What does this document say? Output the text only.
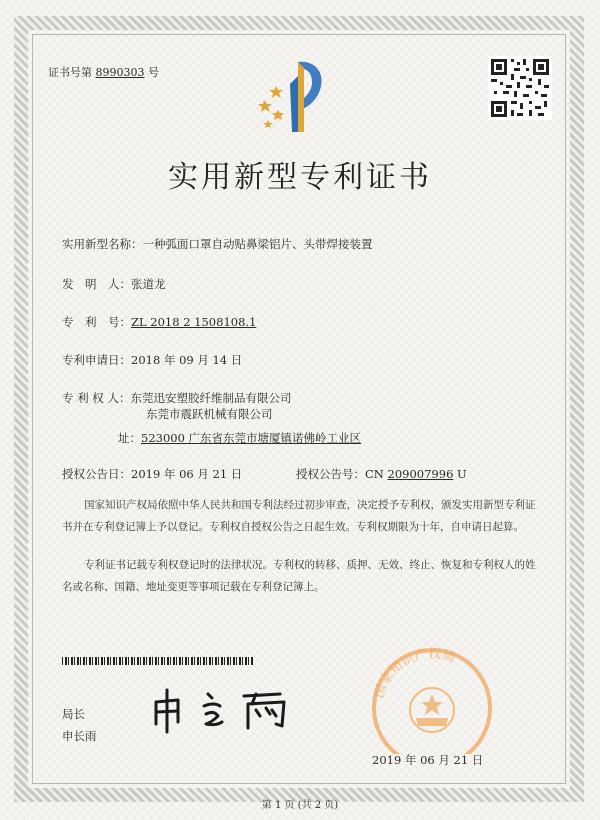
证书号第 8990303 号
实用新型专利证书
实用新型名称：一种弧面口罩自动贴鼻梁铝片、头带焊接装置
发　明　人：张道龙
专　利　号：ZL 2018 2 1508108.1
专利申请日：2018 年 09 月 14 日
专 利 权 人：东莞迅安塑胶纤维制品有限公司
东莞市震跃机械有限公司
址：523000 广东省东莞市塘厦镇诺佛岭工业区
授权公告日：2019 年 06 月 21 日	授权公告号：CN 209007996 U
国家知识产权局依照中华人民共和国专利法经过初步审查，决定授予专利权，颁发实用新型专利证书并在专利登记簿上予以登记。专利权自授权公告之日起生效。专利权期限为十年，自申请日起算。
专利证书记载专利权登记时的法律状况。专利权的转移、质押、无效、终止、恢复和专利权人的姓名或名称、国籍、地址变更等事项记载在专利登记簿上。
局长
申长雨
国家知识产权局
2019 年 06 月 21 日
第 1 页 (共 2 页)
